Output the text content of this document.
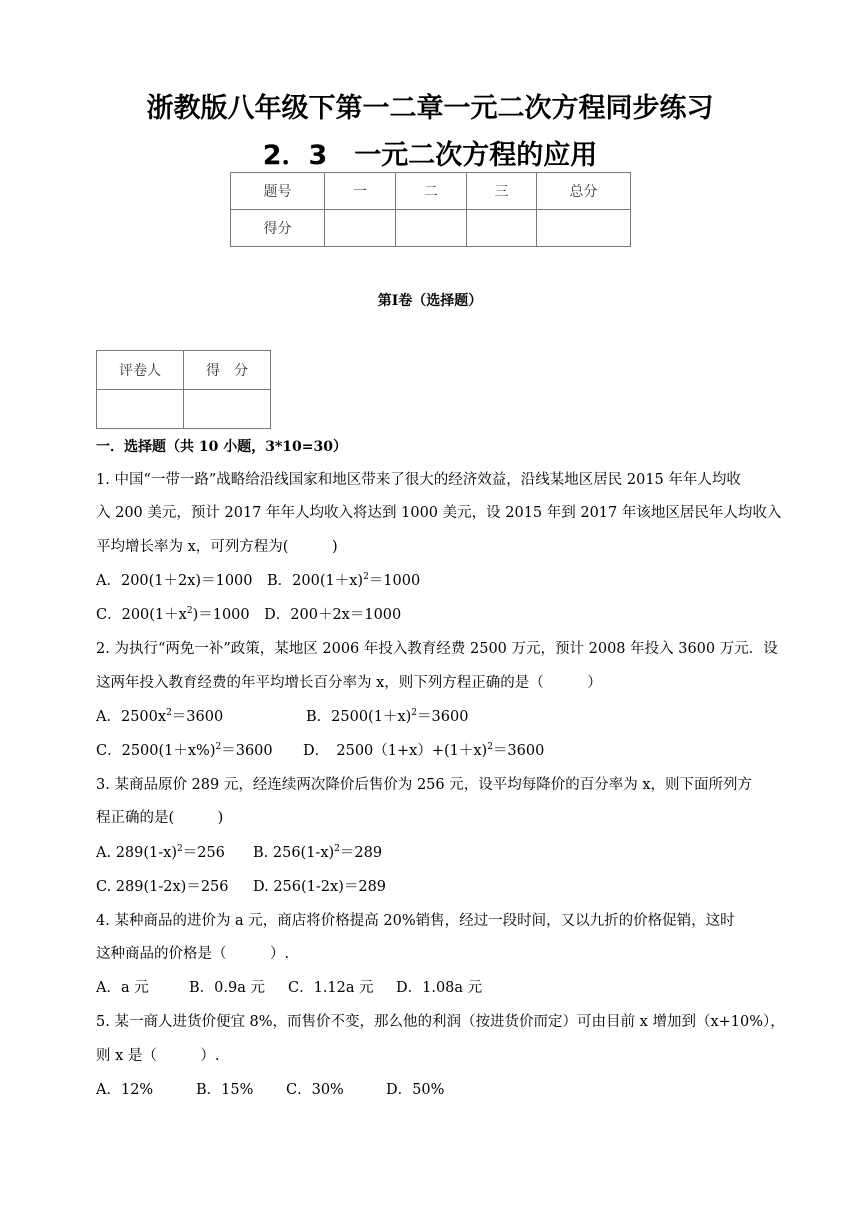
浙教版八年级下第一二章一元二次方程同步练习
2．3　一元二次方程的应用
题号	一	二	三	总分
得分				
第Ⅰ卷（选择题）
评卷人	得　分

一．选择题（共 10 小题，3*10=30）
1. 中国“一带一路”战略给沿线国家和地区带来了很大的经济效益，沿线某地区居民 2015 年年人均收
入 200 美元，预计 2017 年年人均收入将达到 1000 美元，设 2015 年到 2017 年该地区居民年人均收入
平均增长率为 x，可列方程为(　　　)
A．200(1＋2x)＝1000　 B．$200(1+x)^2=1000$
C．$200(1+x^2)=1000$　 D．200＋2x＝1000
2. 为执行“两免一补”政策，某地区 2006 年投入教育经费 2500 万元，预计 2008 年投入 3600 万元．设
这两年投入教育经费的年平均增长百分率为 x，则下列方程正确的是（　　　）
A．$2500x^2=3600$	B．$2500(1+x)^2=3600$
C．$2500(1+x\%)^2=3600$ D．　$2500(1+x)+(1+x)^2=3600$
3. 某商品原价 289 元，经连续两次降价后售价为 256 元，设平均每降价的百分率为 x，则下面所列方
程正确的是(　　　)
A. $289(1-x)^2=256$ B. $256(1-x)^2=289$
C. 289(1-2x)＝256 D. 256(1-2x)＝289
4. 某种商品的进价为 a 元，商店将价格提高 20%销售，经过一段时间，又以九折的价格促销，这时
这种商品的价格是（　　　）.
A．a 元	B．0.9a 元 C．1.12a 元 D．1.08a 元
5. 某一商人进货价便宜 8%，而售价不变，那么他的利润（按进货价而定）可由目前 x 增加到（x+10%），
则 x 是（　　　）.
A．12%	B．15% C．30%	D．50%
